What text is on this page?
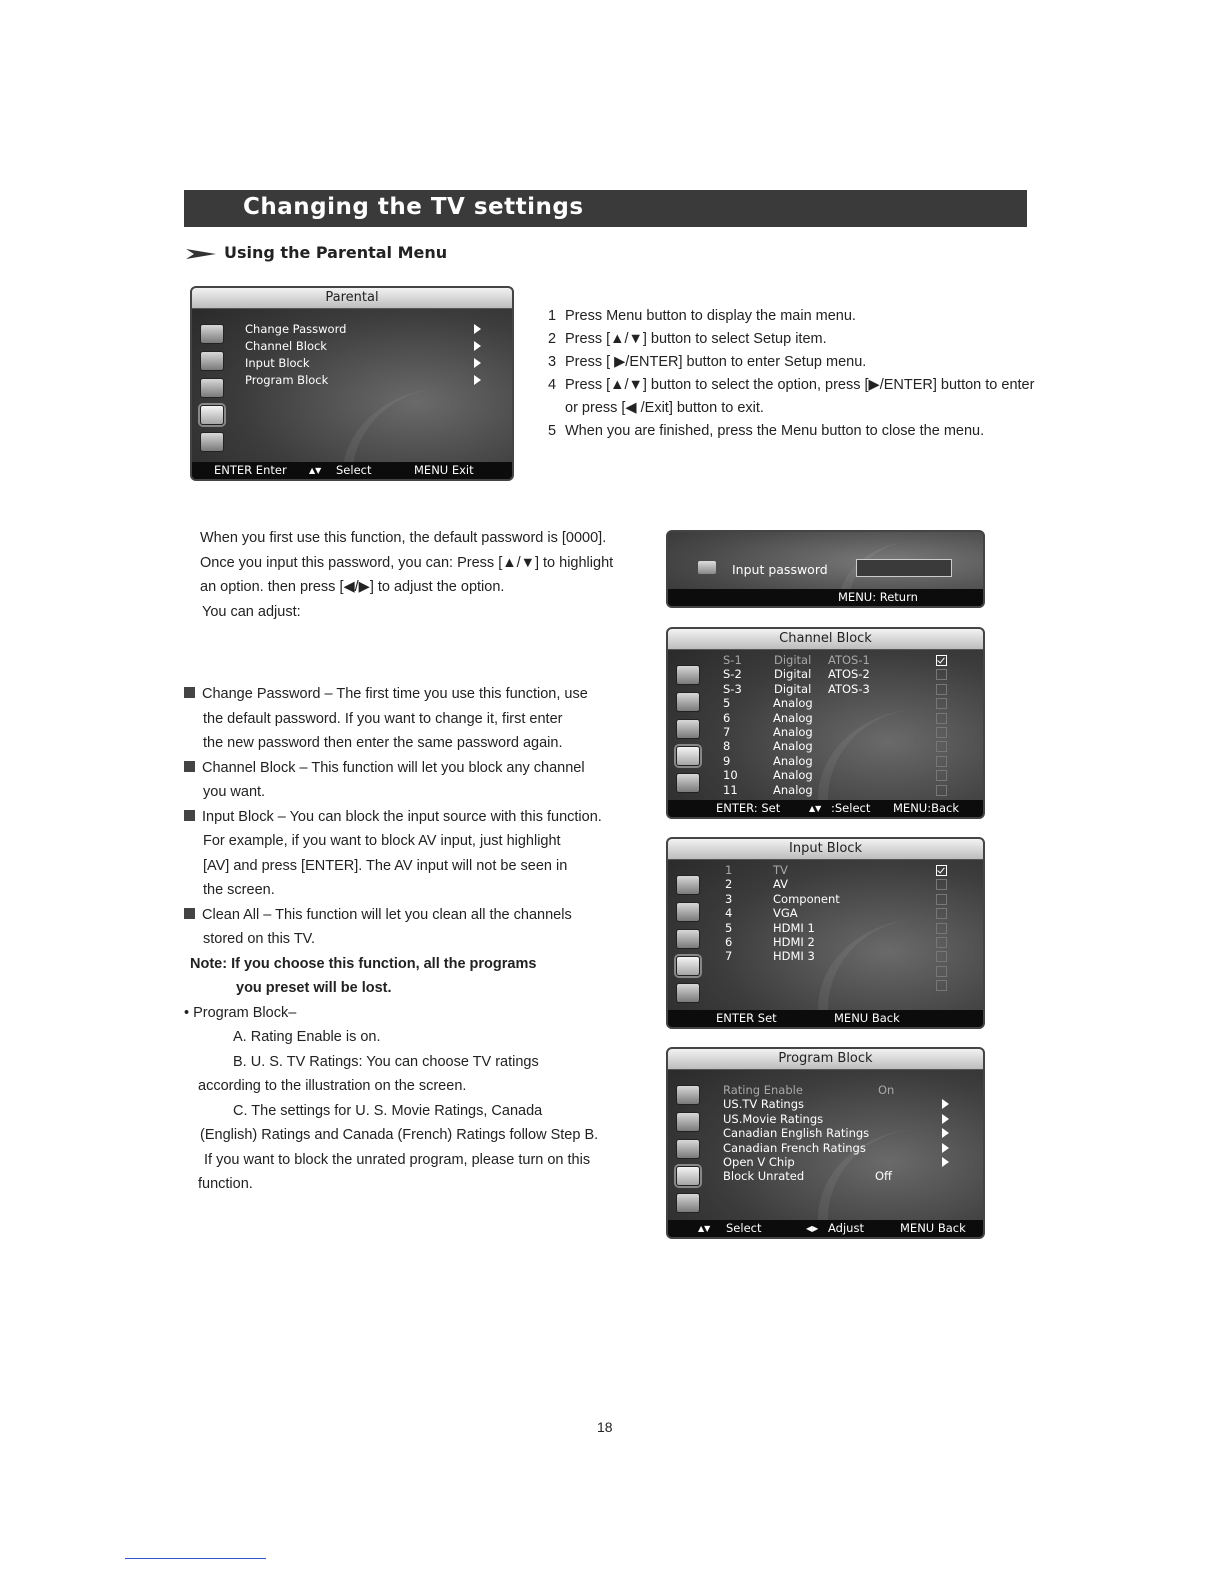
Changing the TV settings
Using the Parental Menu
Parental
Change Password
Channel Block
Input Block
Program Block
ENTER Enter	▲▼ Select	MENU Exit
1 Press Menu button to display the main menu.
2 Press [▲/▼] button to select Setup item.
3 Press [ ▶/ENTER] button to enter Setup menu.
4 Press [▲/▼] button to select the option, press [▶/ENTER] button to enter
or press [◀ /Exit] button to exit.
5 When you are finished, press the Menu button to close the menu.
When you first use this function, the default password is [0000].
Once you input this password, you can: Press [▲/▼] to highlight
an option. then press [◀/▶] to adjust the option.
You can adjust:
Change Password – The first time you use this function, use
the default password. If you want to change it, first enter
the new password then enter the same password again.
Channel Block – This function will let you block any channel
you want.
Input Block – You can block the input source with this function.
For example, if you want to block AV input, just highlight
[AV] and press [ENTER]. The AV input will not be seen in
the screen.
Clean All – This function will let you clean all the channels
stored on this TV.
Note: If you choose this function, all the programs
you preset will be lost.
• Program Block–
A. Rating Enable is on.
B. U. S. TV Ratings: You can choose TV ratings
according to the illustration on the screen.
C. The settings for U. S. Movie Ratings, Canada
(English) Ratings and Canada (French) Ratings follow Step B.
If you want to block the unrated program, please turn on this
function.
Input password
MENU: Return
Channel Block
S-1	Digital ATOS-1
S-2	Digital ATOS-2
S-3	Digital ATOS-3
5	Analog
6	Analog
7	Analog
8	Analog
9	Analog
10	Analog
11	Analog
ENTER: Set	▲▼ :Select MENU:Back
Input Block
1	TV
2	AV
3	Component
4	VGA
5	HDMI 1
6	HDMI 2
7	HDMI 3
ENTER Set	MENU Back
Program Block
Rating Enable	On
US.TV Ratings
US.Movie Ratings
Canadian English Ratings
Canadian French Ratings
Open V Chip
Block Unrated	Off
▲▼ Select	◀▶ Adjust	MENU Back
18
